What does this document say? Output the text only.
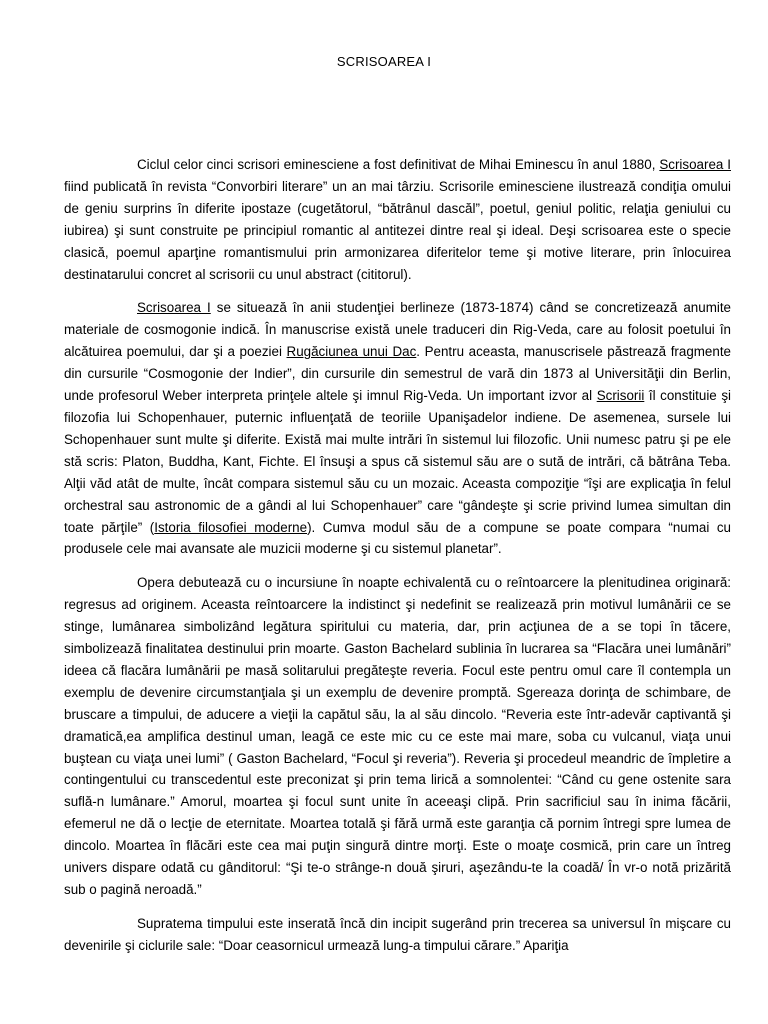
SCRISOAREA I

Ciclul celor cinci scrisori eminesciene a fost definitivat de Mihai Eminescu în anul 1880, Scrisoarea I fiind publicată în revista “Convorbiri literare” un an mai târziu. Scrisorile eminesciene ilustrează condiţia omului de geniu surprins în diferite ipostaze (cugetătorul, “bătrânul dascăl”, poetul, geniul politic, relaţia geniului cu iubirea) şi sunt construite pe principiul romantic al antitezei dintre real şi ideal. Deşi scrisoarea este o specie clasică, poemul aparţine romantismului prin armonizarea diferitelor teme şi motive literare, prin înlocuirea destinatarului concret al scrisorii cu unul abstract (cititorul).

Scrisoarea I se situează în anii studenţiei berlineze (1873-1874) când se concretizează anumite materiale de cosmogonie indică. În manuscrise există unele traduceri din Rig-Veda, care au folosit poetului în alcătuirea poemului, dar şi a poeziei Rugăciunea unui Dac. Pentru aceasta, manuscrisele păstrează fragmente din cursurile “Cosmogonie der Indier”, din cursurile din semestrul de vară din 1873 al Universităţii din Berlin, unde profesorul Weber interpreta prinţele altele şi imnul Rig-Veda. Un important izvor al Scrisorii îl constituie şi filozofia lui Schopenhauer, puternic influenţată de teoriile Upanişadelor indiene. De asemenea, sursele lui Schopenhauer sunt multe şi diferite. Există mai multe intrări în sistemul lui filozofic. Unii numesc patru şi pe ele stă scris: Platon, Buddha, Kant, Fichte. El însuşi a spus că sistemul său are o sută de intrări, că bătrâna Teba. Alţii văd atât de multe, încât compara sistemul său cu un mozaic. Aceasta compoziţie “îşi are explicaţia în felul orchestral sau astronomic de a gândi al lui Schopenhauer” care “gândeşte şi scrie privind lumea simultan din toate părţile” (Istoria filosofiei moderne). Cumva modul său de a compune se poate compara “numai cu produsele cele mai avansate ale muzicii moderne şi cu sistemul planetar”.

Opera debutează cu o incursiune în noapte echivalentă cu o reîntoarcere la plenitudinea originară: regresus ad originem. Aceasta reîntoarcere la indistinct şi nedefinit se realizează prin motivul lumânării ce se stinge, lumânarea simbolizând legătura spiritului cu materia, dar, prin acţiunea de a se topi în tăcere, simbolizează finalitatea destinului prin moarte. Gaston Bachelard sublinia în lucrarea sa “Flacăra unei lumânări” ideea că flacăra lumânării pe masă solitarului pregăteşte reveria. Focul este pentru omul care îl contempla un exemplu de devenire circumstanţiala şi un exemplu de devenire promptă. Sgereaza dorinţa de schimbare, de bruscare a timpului, de aducere a vieţii la capătul său, la al său dincolo. “Reveria este într-adevăr captivantă şi dramatică,ea amplifica destinul uman, leagă ce este mic cu ce este mai mare, soba cu vulcanul, viaţa unui buştean cu viaţa unei lumi” ( Gaston Bachelard, “Focul şi reveria”). Reveria şi procedeul meandric de împletire a contingentului cu transcedentul este preconizat şi prin tema lirică a somnolentei: “Când cu gene ostenite sara suflă-n lumânare.” Amorul, moartea şi focul sunt unite în aceeaşi clipă. Prin sacrificiul sau în inima făcării, efemerul ne dă o lecţie de eternitate. Moartea totală şi fără urmă este garanţia că pornim întregi spre lumea de dincolo. Moartea în flăcări este cea mai puţin singură dintre morţi. Este o moaţe cosmică, prin care un întreg univers dispare odată cu gânditorul: “Şi te-o strânge-n două şiruri, aşezându-te la coadă/ În vr-o notă prizărită sub o pagină neroadă.”

Supratema timpului este inserată încă din incipit sugerând prin trecerea sa universul în mişcare cu devenirile şi ciclurile sale: “Doar ceasornicul urmează lung-a timpului cărare.” Apariţia
